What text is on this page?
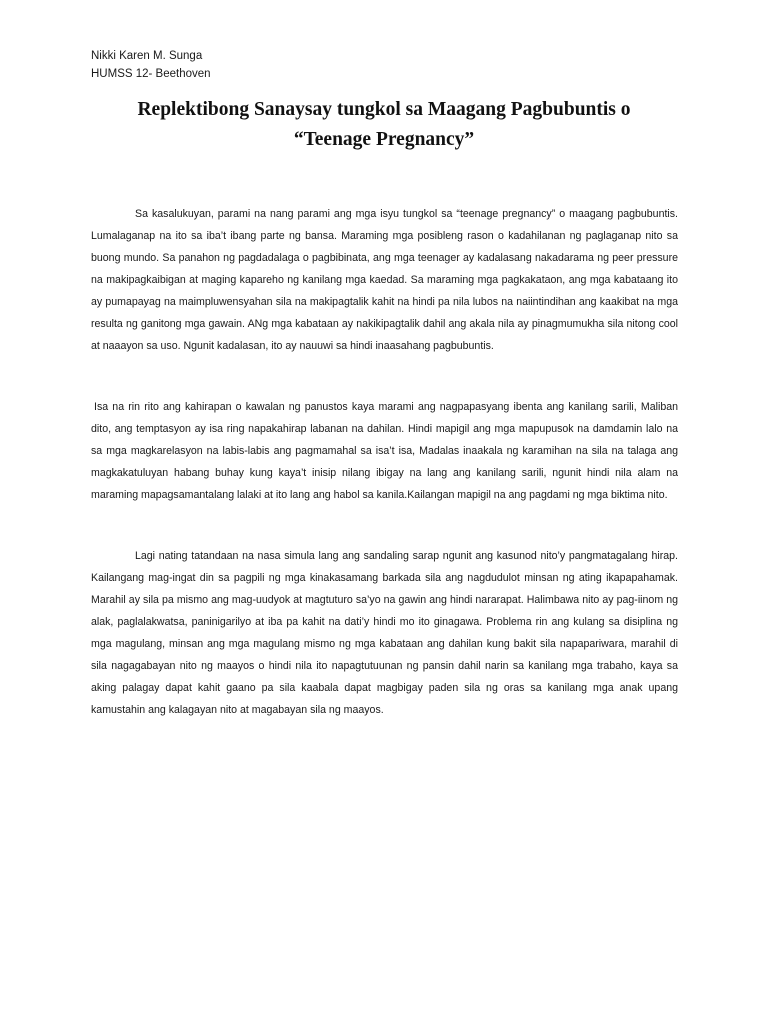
Nikki Karen M. Sunga
HUMSS 12- Beethoven
Replektibong Sanaysay tungkol sa Maagang Pagbubuntis o
“Teenage Pregnancy”

Sa kasalukuyan, parami na nang parami ang mga isyu tungkol sa “teenage pregnancy” o maagang pagbubuntis. Lumalaganap na ito sa iba’t ibang parte ng bansa. Maraming mga posibleng rason o kadahilanan ng paglaganap nito sa buong mundo. Sa panahon ng pagdadalaga o pagbibinata, ang mga teenager ay kadalasang nakadarama ng peer pressure na makipagkaibigan at maging kapareho ng kanilang mga kaedad. Sa maraming mga pagkakataon, ang mga kabataang ito ay pumapayag na maimpluwensyahan sila na makipagtalik kahit na hindi pa nila lubos na naiintindihan ang kaakibat na mga resulta ng ganitong mga gawain. ANg mga kabataan ay nakikipagtalik dahil ang akala nila ay pinagmumukha sila nitong cool at naaayon sa uso. Ngunit kadalasan, ito ay nauuwi sa hindi inaasahang pagbubuntis.

Isa na rin rito ang kahirapan o kawalan ng panustos kaya marami ang nagpapasyang ibenta ang kanilang sarili, Maliban dito, ang temptasyon ay isa ring napakahirap labanan na dahilan. Hindi mapigil ang mga mapupusok na damdamin lalo na sa mga magkarelasyon na labis-labis ang pagmamahal sa isa’t isa, Madalas inaakala ng karamihan na sila na talaga ang magkakatuluyan habang buhay kung kaya’t inisip nilang ibigay na lang ang kanilang sarili, ngunit hindi nila alam na maraming mapagsamantalang lalaki at ito lang ang habol sa kanila.Kailangan mapigil na ang pagdami ng mga biktima nito.

Lagi nating tatandaan na nasa simula lang ang sandaling sarap ngunit ang kasunod nito’y pangmatagalang hirap. Kailangang mag-ingat din sa pagpili ng mga kinakasamang barkada sila ang nagdudulot minsan ng ating ikapapahamak. Marahil ay sila pa mismo ang mag-uudyok at magtuturo sa’yo na gawin ang hindi nararapat. Halimbawa nito ay pag-iinom ng alak, paglalakwatsa, paninigarilyo at iba pa kahit na dati’y hindi mo ito ginagawa. Problema rin ang kulang sa disiplina ng mga magulang, minsan ang mga magulang mismo ng mga kabataan ang dahilan kung bakit sila napapariwara, marahil di sila nagagabayan nito ng maayos o hindi nila ito napagtutuunan ng pansin dahil narin sa kanilang mga trabaho, kaya sa aking palagay dapat kahit gaano pa sila kaabala dapat magbigay paden sila ng oras sa kanilang mga anak upang kamustahin ang kalagayan nito at magabayan sila ng maayos.
